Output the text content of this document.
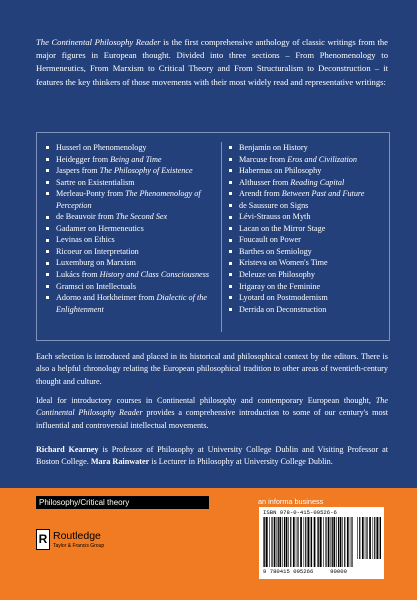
The Continental Philosophy Reader is the first comprehensive anthology of classic writings from the major figures in European thought. Divided into three sections – From Phenomenology to Hermeneutics, From Marxism to Critical Theory and From Structuralism to Deconstruction – it features the key thinkers of those movements with their most widely read and representative writings:

Husserl on Phenomenology
Heidegger from Being and Time
Jaspers from The Philosophy of Existence
Sartre on Existentialism
Merleau-Ponty from The Phenomenology of Perception
de Beauvoir from The Second Sex
Gadamer on Hermeneutics
Levinas on Ethics
Ricoeur on Interpretation
Luxemburg on Marxism
Lukács from History and Class Consciousness
Gramsci on Intellectuals
Adorno and Horkheimer from Dialectic of the Enlightenment
Benjamin on History
Marcuse from Eros and Civilization
Habermas on Philosophy
Althusser from Reading Capital
Arendt from Between Past and Future
de Saussure on Signs
Lévi-Strauss on Myth
Lacan on the Mirror Stage
Foucault on Power
Barthes on Semiology
Kristeva on Women's Time
Deleuze on Philosophy
Irigaray on the Feminine
Lyotard on Postmodernism
Derrida on Deconstruction

Each selection is introduced and placed in its historical and philosophical context by the editors. There is also a helpful chronology relating the European philosophical tradition to other areas of twentieth-century thought and culture.

Ideal for introductory courses in Continental philosophy and contemporary European thought, The Continental Philosophy Reader provides a comprehensive introduction to some of our century's most influential and controversial intellectual movements.

Richard Kearney is Professor of Philosophy at University College Dublin and Visiting Professor at Boston College. Mara Rainwater is Lecturer in Philosophy at University College Dublin.

Philosophy/Critical theory	an informa business
R Routledge
Taylor & Francis Group
ISBN 978-0-415-09526-6
9 780415 095266	90000
